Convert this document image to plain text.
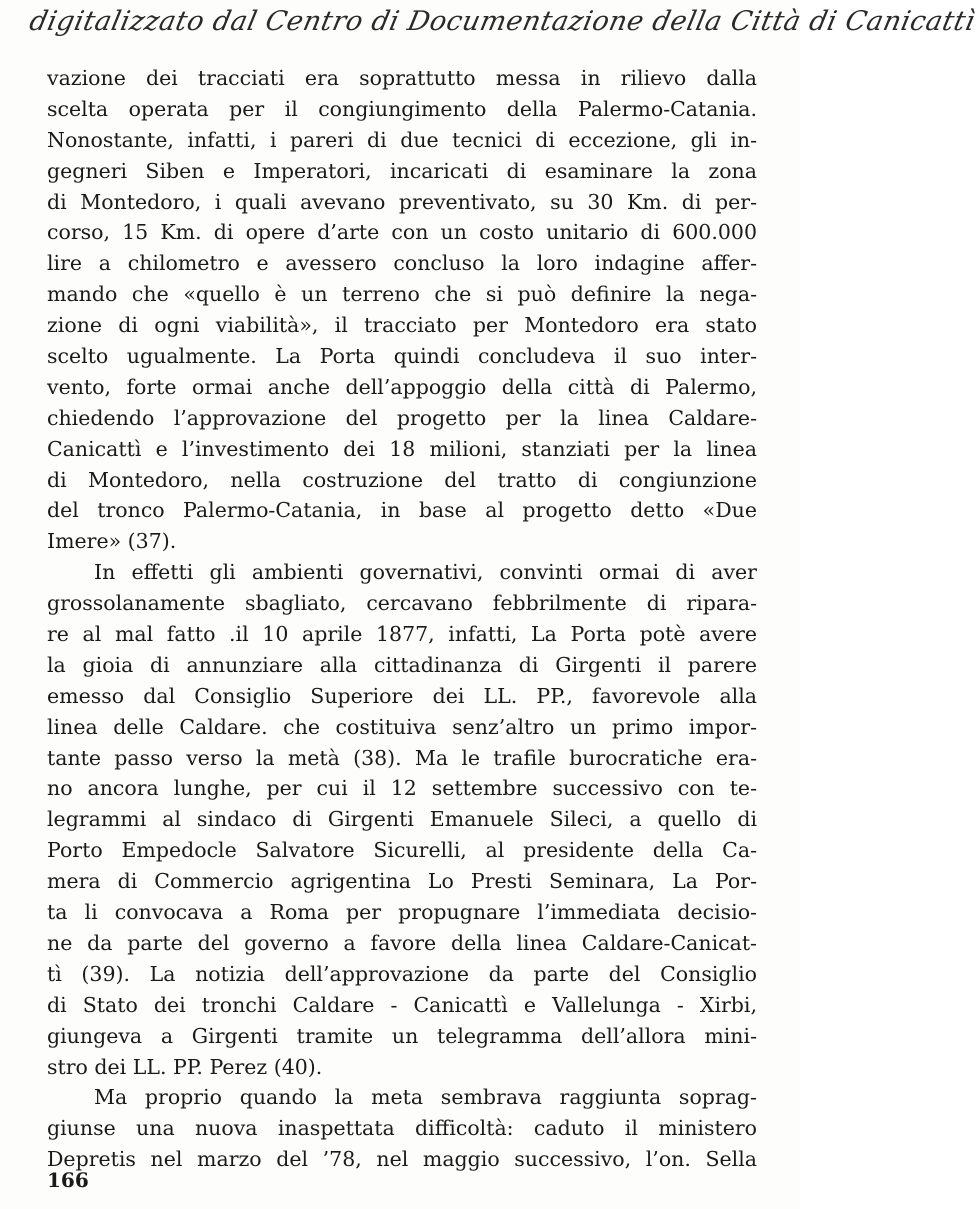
digitalizzato dal Centro di Documentazione della Città di Canicattì
vazione dei tracciati era soprattutto messa in rilievo dalla
scelta operata per il congiungimento della Palermo-Catania.
Nonostante, infatti, i pareri di due tecnici di eccezione, gli in-
gegneri Siben e Imperatori, incaricati di esaminare la zona
di Montedoro, i quali avevano preventivato, su 30 Km. di per-
corso, 15 Km. di opere d’arte con un costo unitario di 600.000
lire a chilometro e avessero concluso la loro indagine affer-
mando che «quello è un terreno che si può definire la nega-
zione di ogni viabilità», il tracciato per Montedoro era stato
scelto ugualmente. La Porta quindi concludeva il suo inter-
vento, forte ormai anche dell’appoggio della città di Palermo,
chiedendo l’approvazione del progetto per la linea Caldare-
Canicattì e l’investimento dei 18 milioni, stanziati per la linea
di Montedoro, nella costruzione del tratto di congiunzione
del tronco Palermo-Catania, in base al progetto detto «Due
Imere» (37).
In effetti gli ambienti governativi, convinti ormai di aver
grossolanamente sbagliato, cercavano febbrilmente di ripara-
re al mal fatto .il 10 aprile 1877, infatti, La Porta potè avere
la gioia di annunziare alla cittadinanza di Girgenti il parere
emesso dal Consiglio Superiore dei LL. PP., favorevole alla
linea delle Caldare. che costituiva senz’altro un primo impor-
tante passo verso la metà (38). Ma le trafile burocratiche era-
no ancora lunghe, per cui il 12 settembre successivo con te-
legrammi al sindaco di Girgenti Emanuele Sileci, a quello di
Porto Empedocle Salvatore Sicurelli, al presidente della Ca-
mera di Commercio agrigentina Lo Presti Seminara, La Por-
ta li convocava a Roma per propugnare l’immediata decisio-
ne da parte del governo a favore della linea Caldare-Canicat-
tì (39). La notizia dell’approvazione da parte del Consiglio
di Stato dei tronchi Caldare - Canicattì e Vallelunga - Xirbi,
giungeva a Girgenti tramite un telegramma dell’allora mini-
stro dei LL. PP. Perez (40).
Ma proprio quando la meta sembrava raggiunta soprag-
giunse una nuova inaspettata difficoltà: caduto il ministero
Depretis nel marzo del ’78, nel maggio successivo, l’on. Sella
166
